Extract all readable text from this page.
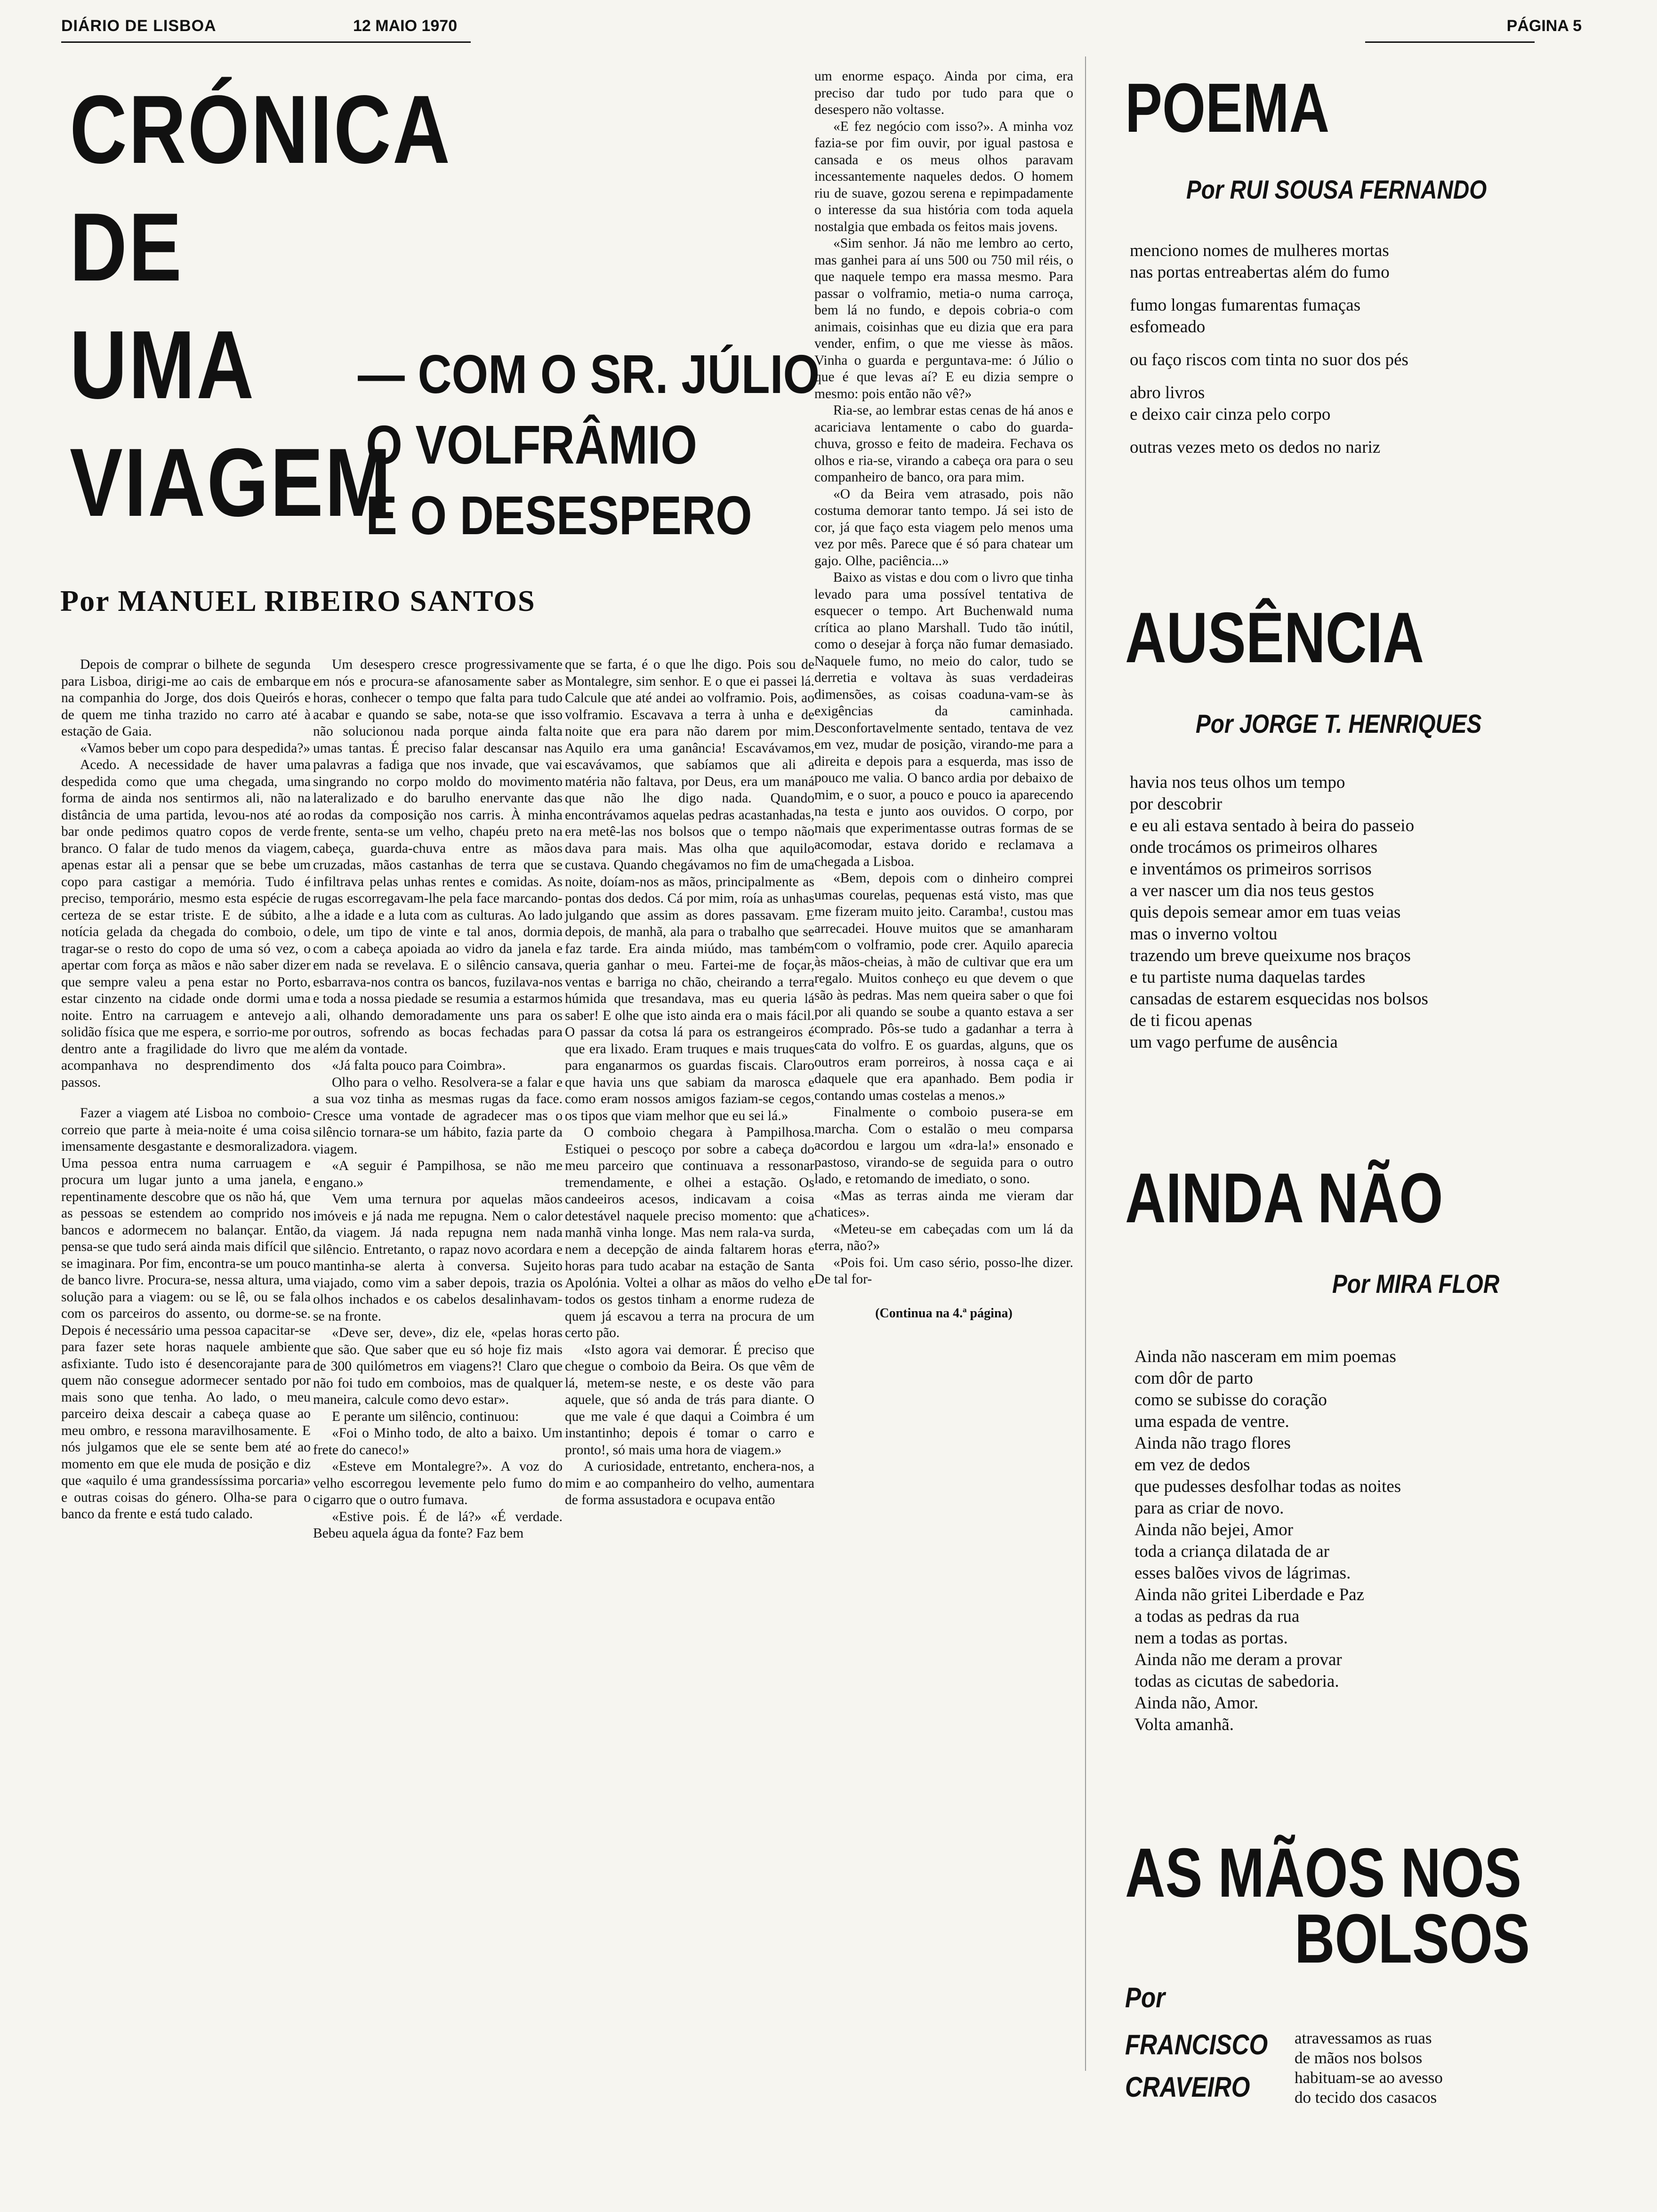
DIÁRIO DE LISBOA	12 MAIO 1970	PÁGINA 5
CRÓNICA DE
UMA VIAGEM
— COM O SR. JÚLIO
O VOLFRÂMIO
E O DESESPERO
Por MANUEL RIBEIRO SANTOS

Depois de comprar o bilhete de segunda para Lisboa, dirigi-me ao cais de embarque na companhia do Jorge, dos dois Queirós e de quem me tinha trazido no carro até à estação de Gaia.

«Vamos beber um copo para despedida?»

Acedo. A necessidade de haver uma despedida como que uma chegada, uma forma de ainda nos sentirmos ali, não na distância de uma partida, levou-nos até ao bar onde pedimos quatro copos de verde branco. O falar de tudo menos da viagem, apenas estar ali a pensar que se bebe um copo para castigar a memória. Tudo é preciso, temporário, mesmo esta espécie de certeza de se estar triste. E de súbito, a notícia gelada da chegada do comboio, o tragar-se o resto do copo de uma só vez, o apertar com força as mãos e não saber dizer que sempre valeu a pena estar no Porto, estar cinzento na cidade onde dormi uma noite. Entro na carruagem e antevejo a solidão física que me espera, e sorrio-me por dentro ante a fragilidade do livro que me acompanhava no desprendimento dos passos.

Fazer a viagem até Lisboa no comboio-correio que parte à meia-noite é uma coisa imensamente desgastante e desmoralizadora. Uma pessoa entra numa carruagem e procura um lugar junto a uma janela, e repentinamente descobre que os não há, que as pessoas se estendem ao comprido nos bancos e adormecem no balançar. Então, pensa-se que tudo será ainda mais difícil que se imaginara. Por fim, encontra-se um pouco de banco livre. Procura-se, nessa altura, uma solução para a viagem: ou se lê, ou se fala com os parceiros do assento, ou dorme-se. Depois é necessário uma pessoa capacitar-se para fazer sete horas naquele ambiente asfixiante. Tudo isto é desencorajante para quem não consegue adormecer sentado por mais sono que tenha. Ao lado, o meu parceiro deixa descair a cabeça quase ao meu ombro, e ressona maravilhosamente. E nós julgamos que ele se sente bem até ao momento em que ele muda de posição e diz que «aquilo é uma grandessíssima porcaria» e outras coisas do género. Olha-se para o banco da frente e está tudo calado.

Um desespero cresce progressivamente em nós e procura-se afanosamente saber as horas, conhecer o tempo que falta para tudo acabar e quando se sabe, nota-se que isso não solucionou nada porque ainda falta umas tantas. É preciso falar descansar nas palavras a fadiga que nos invade, que vai singrando no corpo moldo do movimento lateralizado e do barulho enervante das rodas da composição nos carris. À minha frente, senta-se um velho, chapéu preto na cabeça, guarda-chuva entre as mãos cruzadas, mãos castanhas de terra que se infiltrava pelas unhas rentes e comidas. As rugas escorregavam-lhe pela face marcando-lhe a idade e a luta com as culturas. Ao lado dele, um tipo de vinte e tal anos, dormia com a cabeça apoiada ao vidro da janela e em nada se revelava. E o silêncio cansava, esbarrava-nos contra os bancos, fuzilava-nos e toda a nossa piedade se resumia a estarmos ali, olhando demoradamente uns para os outros, sofrendo as bocas fechadas para além da vontade.

«Já falta pouco para Coimbra».

Olho para o velho. Resolvera-se a falar e a sua voz tinha as mesmas rugas da face. Cresce uma vontade de agradecer mas o silêncio tornara-se um hábito, fazia parte da viagem.

«A seguir é Pampilhosa, se não me engano.»

Vem uma ternura por aquelas mãos imóveis e já nada me repugna. Nem o calor da viagem. Já nada repugna nem nada silêncio. Entretanto, o rapaz novo acordara e mantinha-se alerta à conversa. Sujeito viajado, como vim a saber depois, trazia os olhos inchados e os cabelos desalinhavam-se na fronte.

«Deve ser, deve», diz ele, «pelas horas que são. Que saber que eu só hoje fiz mais de 300 quilómetros em viagens?! Claro que não foi tudo em comboios, mas de qualquer maneira, calcule como devo estar».

E perante um silêncio, continuou:

«Foi o Minho todo, de alto a baixo. Um frete do caneco!»

«Esteve em Montalegre?». A voz do velho escorregou levemente pelo fumo do cigarro que o outro fumava.

«Estive pois. É de lá?» «É verdade. Bebeu aquela água da fonte? Faz bem

que se farta, é o que lhe digo. Pois sou de Montalegre, sim senhor. E o que ei passei lá. Calcule que até andei ao volframio. Pois, ao volframio. Escavava a terra à unha e de noite que era para não darem por mim. Aquilo era uma ganância! Escavávamos, escavávamos, que sabíamos que ali a matéria não faltava, por Deus, era um maná que não lhe digo nada. Quando encontrávamos aquelas pedras acastanhadas, era metê-las nos bolsos que o tempo não dava para mais. Mas olha que aquilo custava. Quando chegávamos no fim de uma noite, doíam-nos as mãos, principalmente as pontas dos dedos. Cá por mim, roía as unhas julgando que assim as dores passavam. E depois, de manhã, ala para o trabalho que se faz tarde. Era ainda miúdo, mas também queria ganhar o meu. Fartei-me de foçar, ventas e barriga no chão, cheirando a terra húmida que tresandava, mas eu queria lá saber! E olhe que isto ainda era o mais fácil. O passar da cotsa lá para os estrangeiros é que era lixado. Eram truques e mais truques para enganarmos os guardas fiscais. Claro que havia uns que sabiam da marosca e como eram nossos amigos faziam-se cegos, os tipos que viam melhor que eu sei lá.»

O comboio chegara à Pampilhosa. Estiquei o pescoço por sobre a cabeça do meu parceiro que continuava a ressonar tremendamente, e olhei a estação. Os candeeiros acesos, indicavam a coisa detestável naquele preciso momento: que a manhã vinha longe. Mas nem rala-va surda, nem a decepção de ainda faltarem horas e horas para tudo acabar na estação de Santa Apolónia. Voltei a olhar as mãos do velho e todos os gestos tinham a enorme rudeza de quem já escavou a terra na procura de um certo pão.

«Isto agora vai demorar. É preciso que chegue o comboio da Beira. Os que vêm de lá, metem-se neste, e os deste vão para aquele, que só anda de trás para diante. O que me vale é que daqui a Coimbra é um instantinho; depois é tomar o carro e pronto!, só mais uma hora de viagem.»

A curiosidade, entretanto, enchera-nos, a mim e ao companheiro do velho, aumentara de forma assustadora e ocupava então

um enorme espaço. Ainda por cima, era preciso dar tudo por tudo para que o desespero não voltasse.

«E fez negócio com isso?». A minha voz fazia-se por fim ouvir, por igual pastosa e cansada e os meus olhos paravam incessantemente naqueles dedos. O homem riu de suave, gozou serena e repimpadamente o interesse da sua história com toda aquela nostalgia que embada os feitos mais jovens.

«Sim senhor. Já não me lembro ao certo, mas ganhei para aí uns 500 ou 750 mil réis, o que naquele tempo era massa mesmo. Para passar o volframio, metia-o numa carroça, bem lá no fundo, e depois cobria-o com animais, coisinhas que eu dizia que era para vender, enfim, o que me viesse às mãos. Vinha o guarda e perguntava-me: ó Júlio o que é que levas aí? E eu dizia sempre o mesmo: pois então não vê?»

Ria-se, ao lembrar estas cenas de há anos e acariciava lentamente o cabo do guarda-chuva, grosso e feito de madeira. Fechava os olhos e ria-se, virando a cabeça ora para o seu companheiro de banco, ora para mim.

«O da Beira vem atrasado, pois não costuma demorar tanto tempo. Já sei isto de cor, já que faço esta viagem pelo menos uma vez por mês. Parece que é só para chatear um gajo. Olhe, paciência...»

Baixo as vistas e dou com o livro que tinha levado para uma possível tentativa de esquecer o tempo. Art Buchenwald numa crítica ao plano Marshall. Tudo tão inútil, como o desejar à força não fumar demasiado. Naquele fumo, no meio do calor, tudo se derretia e voltava às suas verdadeiras dimensões, as coisas coaduna-vam-se às exigências da caminhada. Desconfortavelmente sentado, tentava de vez em vez, mudar de posição, virando-me para a direita e depois para a esquerda, mas isso de pouco me valia. O banco ardia por debaixo de mim, e o suor, a pouco e pouco ia aparecendo na testa e junto aos ouvidos. O corpo, por mais que experimentasse outras formas de se acomodar, estava dorido e reclamava a chegada a Lisboa.

«Bem, depois com o dinheiro comprei umas courelas, pequenas está visto, mas que me fizeram muito jeito. Caramba!, custou mas arrecadei. Houve muitos que se amanharam com o volframio, pode crer. Aquilo aparecia às mãos-cheias, à mão de cultivar que era um regalo. Muitos conheço eu que devem o que são às pedras. Mas nem queira saber o que foi por ali quando se soube a quanto estava a ser comprado. Pôs-se tudo a gadanhar a terra à cata do volfro. E os guardas, alguns, que os outros eram porreiros, à nossa caça e ai daquele que era apanhado. Bem podia ir contando umas costelas a menos.»

Finalmente o comboio pusera-se em marcha. Com o estalão o meu comparsa acordou e largou um «dra-la!» ensonado e pastoso, virando-se de seguida para o outro lado, e retomando de imediato, o sono.

«Mas as terras ainda me vieram dar chatices».

«Meteu-se em cabeçadas com um lá da terra, não?»

«Pois foi. Um caso sério, posso-lhe dizer. De tal for-

(Continua na 4.ª página)

POEMA
Por RUI SOUSA FERNANDO
menciono nomes de mulheres mortas
nas portas entreabertas além do fumo
fumo longas fumarentas fumaças
esfomeado
ou faço riscos com tinta no suor dos pés
abro livros
e deixo cair cinza pelo corpo
outras vezes meto os dedos no nariz
AUSÊNCIA
Por JORGE T. HENRIQUES
havia nos teus olhos um tempo
por descobrir
e eu ali estava sentado à beira do passeio
onde trocámos os primeiros olhares
e inventámos os primeiros sorrisos
a ver nascer um dia nos teus gestos
quis depois semear amor em tuas veias
mas o inverno voltou
trazendo um breve queixume nos braços
e tu partiste numa daquelas tardes
cansadas de estarem esquecidas nos bolsos
de ti ficou apenas
um vago perfume de ausência
AINDA NÃO
Por MIRA FLOR
Ainda não nasceram em mim poemas
com dôr de parto
como se subisse do coração
uma espada de ventre.
Ainda não trago flores
em vez de dedos
que pudesses desfolhar todas as noites
para as criar de novo.
Ainda não bejei, Amor
toda a criança dilatada de ar
esses balões vivos de lágrimas.
Ainda não gritei Liberdade e Paz
a todas as pedras da rua
nem a todas as portas.
Ainda não me deram a provar
todas as cicutas de sabedoria.
Ainda não, Amor.
Volta amanhã.
AS MÃOS NOS
BOLSOS
Por
FRANCISCO
CRAVEIRO
atravessamos as ruas
de mãos nos bolsos
habituam-se ao avesso
do tecido dos casacos
